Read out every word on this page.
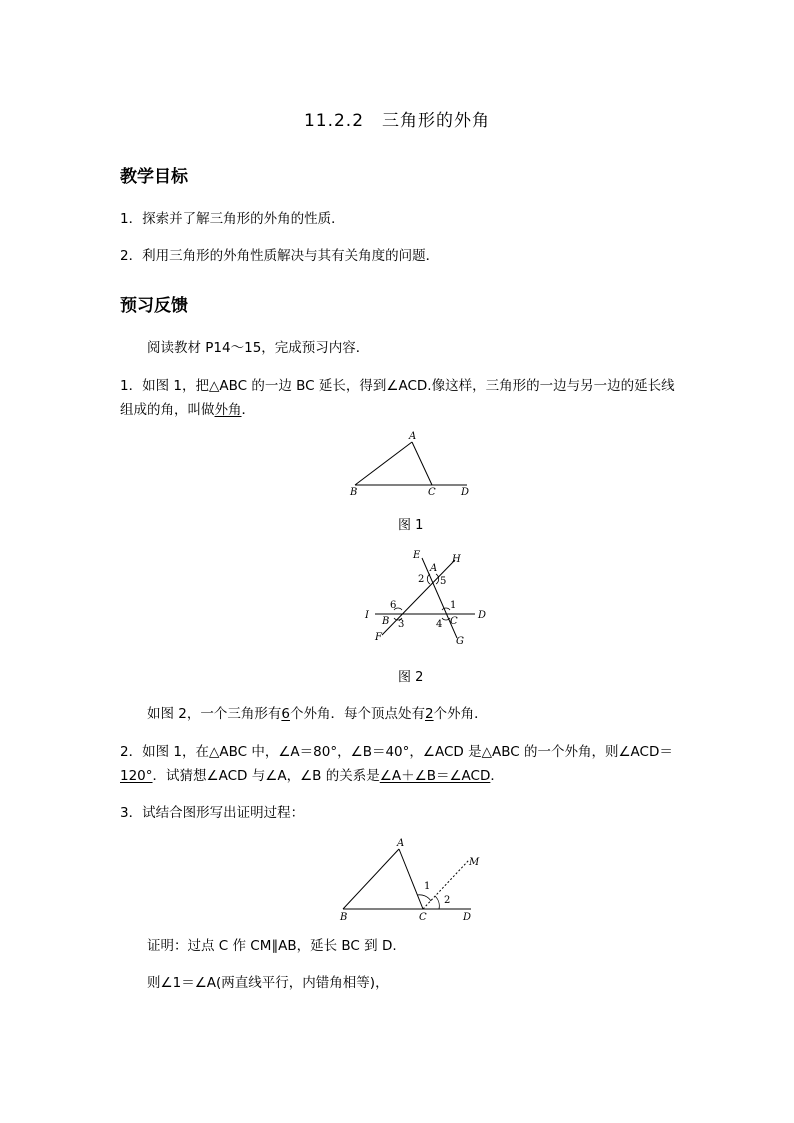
11.2.2　三角形的外角
教学目标
1．探索并了解三角形的外角的性质．
2．利用三角形的外角性质解决与其有关角度的问题．
预习反馈
阅读教材 P14～15，完成预习内容．
1．如图 1，把△ABC 的一边 BC 延长，得到∠ACD.像这样，三角形的一边与另一边的延长线组成的角，叫做外角．
A
B	C	D
图 1
E	H
A
2 5
6	1
I
B 3	4 C
D
F	G
图 2
如图 2，一个三角形有6个外角．每个顶点处有2个外角．
2．如图 1，在△ABC 中，∠A＝80°，∠B＝40°，∠ACD 是△ABC 的一个外角，则∠ACD＝120°．试猜想∠ACD 与∠A，∠B 的关系是∠A＋∠B＝∠ACD．
3．试结合图形写出证明过程：
A
M
1
2
B	C	D
证明：过点 C 作 CM∥AB，延长 BC 到 D.
则∠1＝∠A(两直线平行，内错角相等)，
